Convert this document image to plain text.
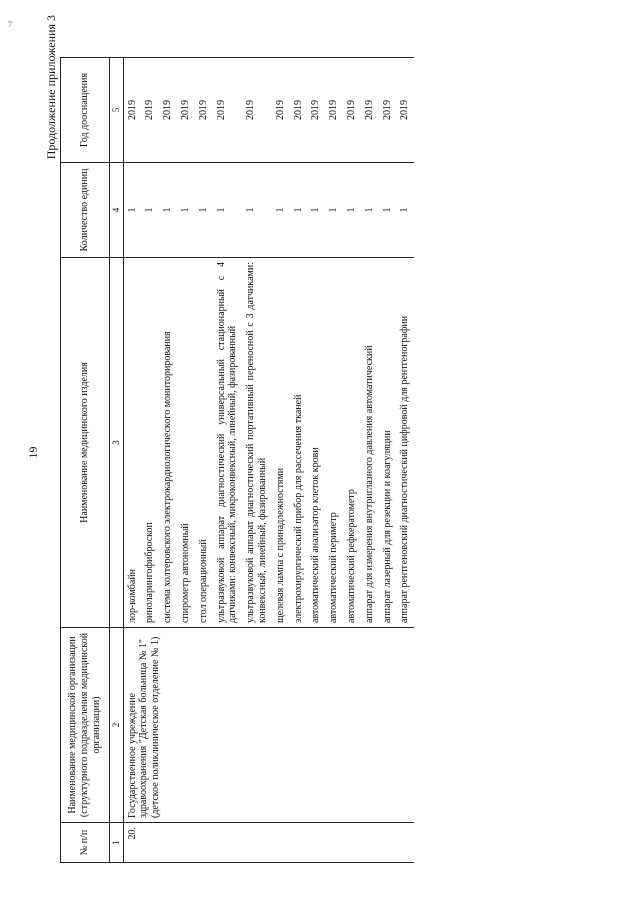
7
19
Продолжение приложения 3
№ п/п	Наименование медицинской организации (структурного подразделения медицинской организации)	Наименование медицинского изделия	Количество единиц	Год дооснащения
1	2	3	4	5
20.	Государственное учреждение здравоохранения "Детская больница № 1" (детское поликлиническое отделение № 1)	лор-комбайн	1	2019
		риноларингофиброскоп	1	2019
		система холтеровского электрокардиологического мониторирования	1	2019
		спирометр автономный	1	2019
		стол операционный	1	2019
		ультразвуковой аппарат диагностический универсальный стационарный с 4 датчиками: конвексный, микроконвексный, линейный, фазированный	1	2019
		ультразвуковой аппарат диагностический портативный переносной с 3 датчиками: конвексный, линейный, фазированный	1	2019
		щелевая лампа с принадлежностями	1	2019
		электрохирургический прибор для рассечения тканей	1	2019
		автоматический анализатор клеток крови	1	2019
		автоматический периметр	1	2019
		автоматический рефкератометр	1	2019
		аппарат для измерения внутриглазного давления автоматический	1	2019
		аппарат лазерный для резекции и коагуляции	1	2019
		аппарат рентгеновский диагностический цифровой для рентгенографии	1	2019
